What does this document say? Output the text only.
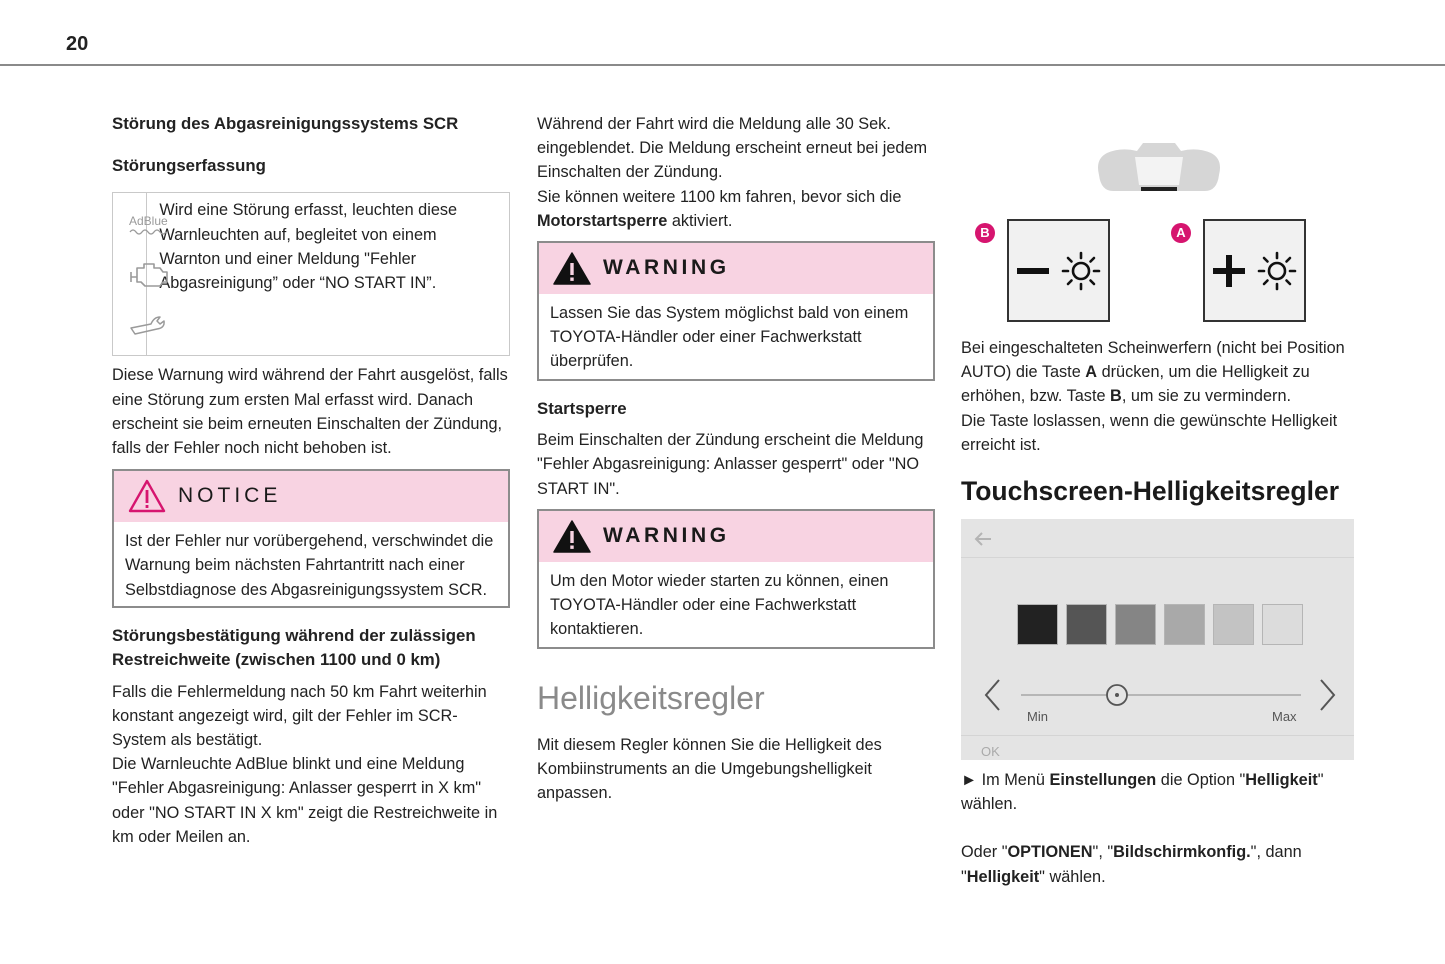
20

Störung des Abgasreinigungssystems SCR

Störungserfassung

AdBlue
Wird eine Störung erfasst, leuchten diese Warnleuchten auf, begleitet von einem Warnton und einer Meldung "Fehler Abgasreinigung” oder “NO START IN”.

Diese Warnung wird während der Fahrt ausgelöst, falls eine Störung zum ersten Mal erfasst wird. Danach erscheint sie beim erneuten Einschalten der Zündung, falls der Fehler noch nicht behoben ist.

NOTICE
Ist der Fehler nur vorübergehend, verschwindet die Warnung beim nächsten Fahrtantritt nach einer Selbstdiagnose des Abgasreinigungssystem SCR.

Störungsbestätigung während der zulässigen Restreichweite (zwischen 1100 und 0 km)

Falls die Fehlermeldung nach 50 km Fahrt weiterhin konstant angezeigt wird, gilt der Fehler im SCR-System als bestätigt.

Die Warnleuchte AdBlue blinkt und eine Meldung "Fehler Abgasreinigung: Anlasser gesperrt in X km" oder "NO START IN X km" zeigt die Restreichweite in km oder Meilen an.

Während der Fahrt wird die Meldung alle 30 Sek. eingeblendet. Die Meldung erscheint erneut bei jedem Einschalten der Zündung.

Sie können weitere 1100 km fahren, bevor sich die Motorstartsperre aktiviert.

WARNING
Lassen Sie das System möglichst bald von einem TOYOTA-Händler oder einer Fachwerkstatt überprüfen.

Startsperre

Beim Einschalten der Zündung erscheint die Meldung "Fehler Abgasreinigung: Anlasser gesperrt" oder "NO START IN".

WARNING
Um den Motor wieder starten zu können, einen TOYOTA-Händler oder eine Fachwerkstatt kontaktieren.

Helligkeitsregler

Mit diesem Regler können Sie die Helligkeit des Kombiinstruments an die Umgebungshelligkeit anpassen.

B	A

Bei eingeschalteten Scheinwerfern (nicht bei Position AUTO) die Taste A drücken, um die Helligkeit zu erhöhen, bzw. Taste B, um sie zu vermindern.

Die Taste loslassen, wenn die gewünschte Helligkeit erreicht ist.

Touchscreen-Helligkeitsregler

Min	Max
OK

► Im Menü Einstellungen die Option "Helligkeit" wählen.

Oder "OPTIONEN", "Bildschirmkonfig.", dann "Helligkeit" wählen.
